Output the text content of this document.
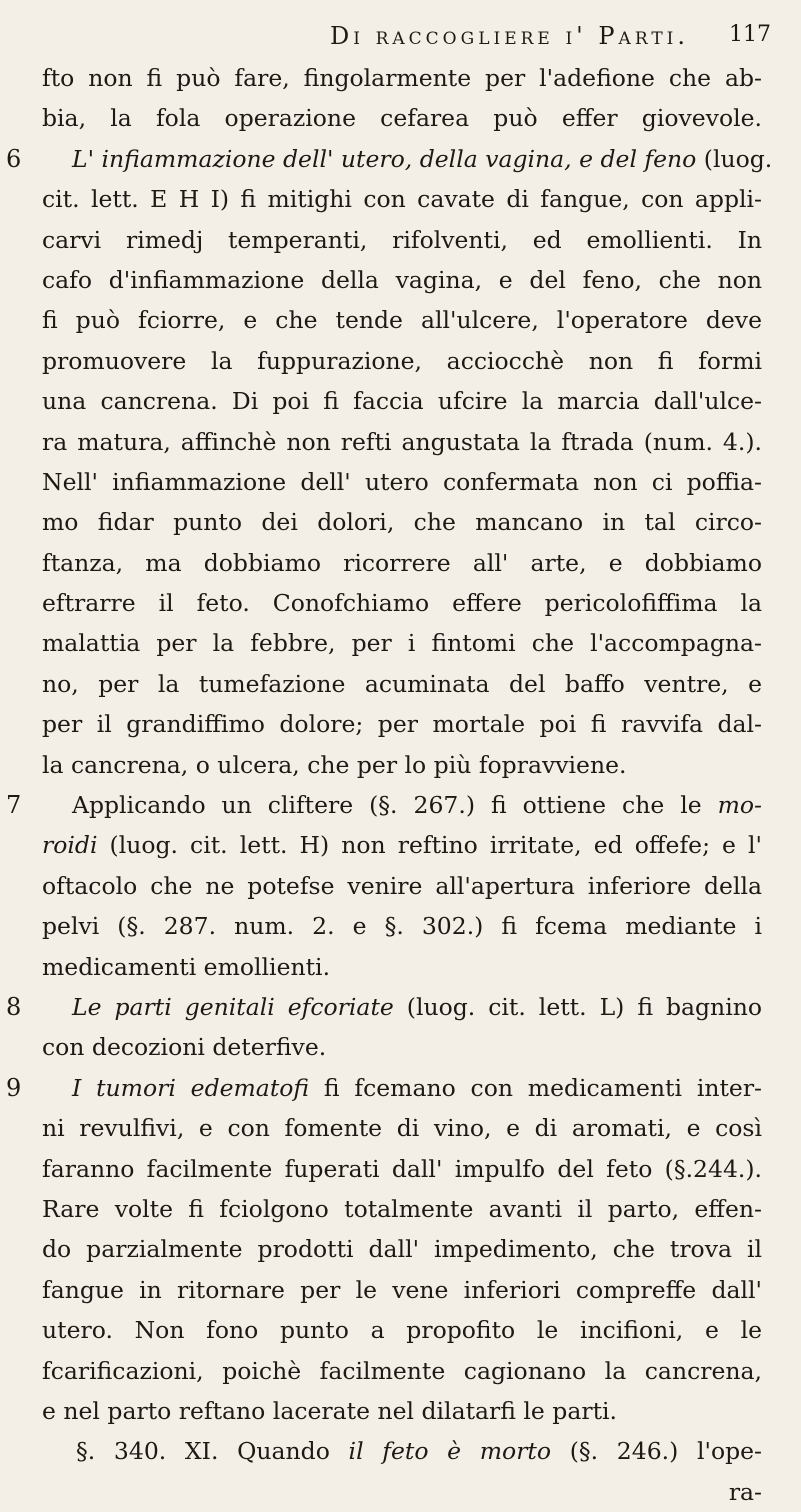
Di raccogliere i' Parti. 117
fto non fi può fare, fingolarmente per l'adefione che ab-
bia, la fola operazione cefarea può effer giovevole.
6 L' infiammazione dell' utero, della vagina, e del feno (luog.
cit. lett. E H I) fi mitighi con cavate di fangue, con appli-
carvi rimedj temperanti, rifolventi, ed emollienti. In
cafo d'infiammazione della vagina, e del feno, che non
fi può fciorre, e che tende all'ulcere, l'operatore deve
promuovere la fuppurazione, acciocchè non fi formi
una cancrena. Di poi fi faccia ufcire la marcia dall'ulce-
ra matura, affinchè non refti angustata la ftrada (num. 4.).
Nell' infiammazione dell' utero confermata non ci poffia-
mo fidar punto dei dolori, che mancano in tal circo-
ftanza, ma dobbiamo ricorrere all' arte, e dobbiamo
eftrarre il feto. Conofchiamo effere pericolofiffima la
malattia per la febbre, per i fintomi che l'accompagna-
no, per la tumefazione acuminata del baffo ventre, e
per il grandiffimo dolore; per mortale poi fi ravvifa dal-
la cancrena, o ulcera, che per lo più fopravviene.
7 Applicando un cliftere (§. 267.) fi ottiene che le mo-
roidi (luog. cit. lett. H) non reftino irritate, ed offefe; e l'
oftacolo che ne potefse venire all'apertura inferiore della
pelvi (§. 287. num. 2. e §. 302.) fi fcema mediante i
medicamenti emollienti.
8 Le parti genitali efcoriate (luog. cit. lett. L) fi bagnino
con decozioni deterfive.
9 I tumori edematofi fi fcemano con medicamenti inter-
ni revulfivi, e con fomente di vino, e di aromati, e così
faranno facilmente fuperati dall' impulfo del feto (§.244.).
Rare volte fi fciolgono totalmente avanti il parto, effen-
do parzialmente prodotti dall' impedimento, che trova il
fangue in ritornare per le vene inferiori compreffe dall'
utero. Non fono punto a propofito le incifioni, e le
fcarificazioni, poichè facilmente cagionano la cancrena,
e nel parto reftano lacerate nel dilatarfi le parti.
§. 340. XI. Quando il feto è morto (§. 246.) l'ope-
ra-
